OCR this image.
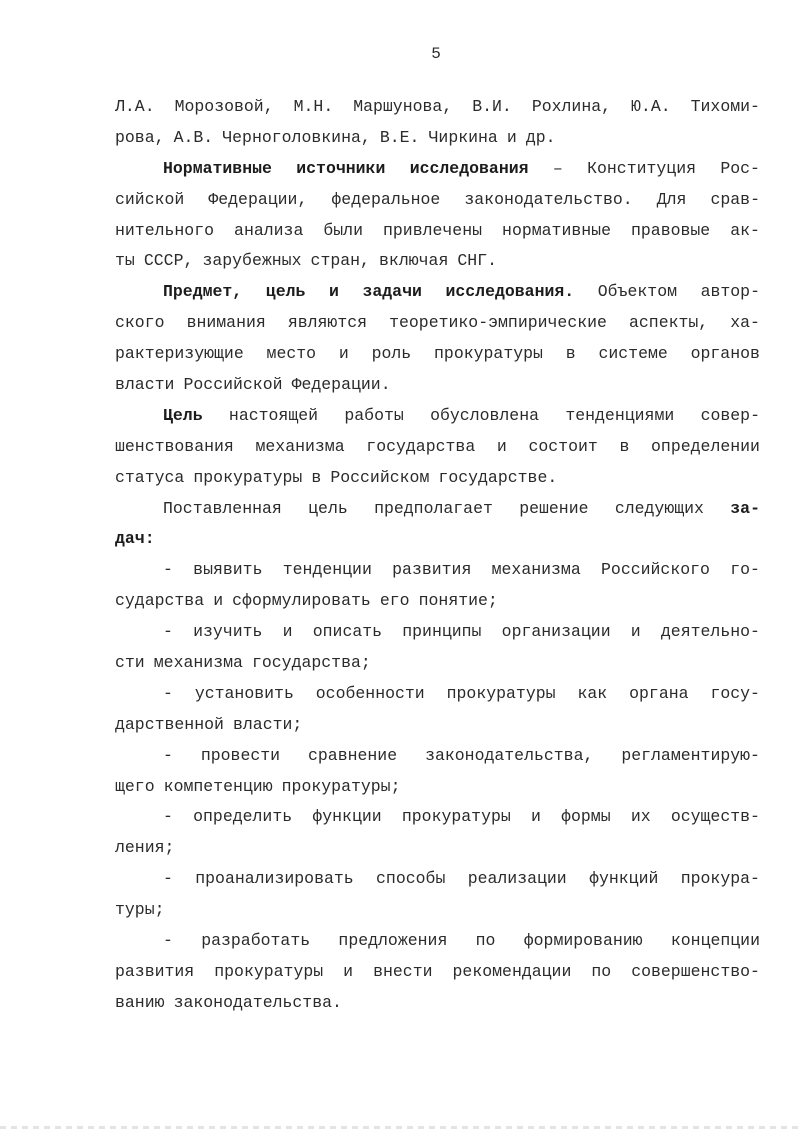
5
Л.А. Морозовой, М.Н. Маршунова, В.И. Рохлина, Ю.А. Тихоми-
рова, А.В. Черноголовкина, В.Е. Чиркина и др.
Нормативные источники исследования – Конституция Рос-
сийской Федерации, федеральное законодательство. Для срав-
нительного анализа были привлечены нормативные правовые ак-
ты СССР, зарубежных стран, включая СНГ.
Предмет, цель и задачи исследования. Объектом автор-
ского внимания являются теоретико-эмпирические аспекты, ха-
рактеризующие место и роль прокуратуры в системе органов
власти Российской Федерации.
Цель настоящей работы обусловлена тенденциями совер-
шенствования механизма государства и состоит в определении
статуса прокуратуры в Российском государстве.
Поставленная цель предполагает решение следующих за-
дач:
- выявить тенденции развития механизма Российского го-
сударства и сформулировать его понятие;
- изучить и описать принципы организации и деятельно-
сти механизма государства;
- установить особенности прокуратуры как органа госу-
дарственной власти;
- провести сравнение законодательства, регламентирую-
щего компетенцию прокуратуры;
- определить функции прокуратуры и формы их осуществ-
ления;
- проанализировать способы реализации функций прокура-
туры;
- разработать предложения по формированию концепции
развития прокуратуры и внести рекомендации по совершенство-
ванию законодательства.
